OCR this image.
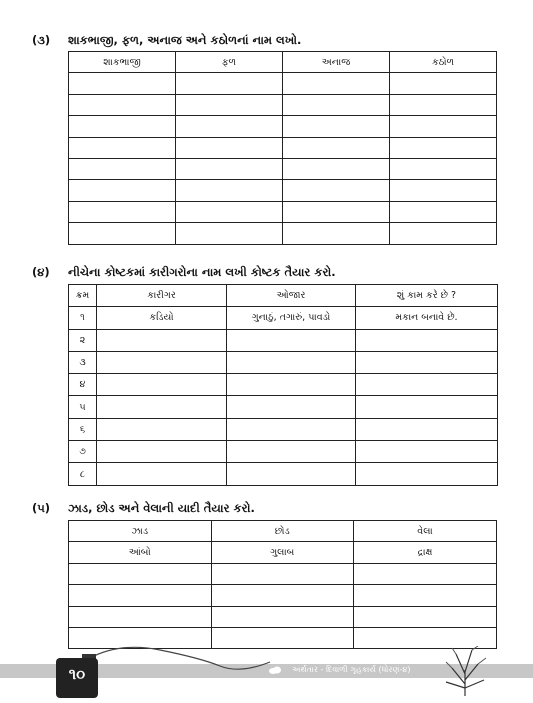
(૩) શાકભાજી, ફળ, અનાજ અને કઠોળનાં નામ લખો.
શાકભાજી	ફળ	અનાજ	કઠોળ

(૪) નીચેના કોષ્ટકમાં કારીગરોના નામ લખી કોષ્ટક તૈયાર કરો.
ક્રમ	કારીગર	ઓજાર	શું કામ કરે છે ?
૧	કડિયો	ગુનાઠું, તગારું, પાવડો	મકાન બનાવે છે.
૨			
૩			
૪			
૫			
૬			
૭			
૮			
(૫) ઝાડ, છોડ અને વેલાની યાદી તૈયાર કરો.
ઝાડ	છોડ	વેલા
આંબો	ગુલાબ	દ્રાક્ષ

૧૦	અર્થતાર - દિવાળી ગૃહકાર્ય (ધોરણ-૪)
